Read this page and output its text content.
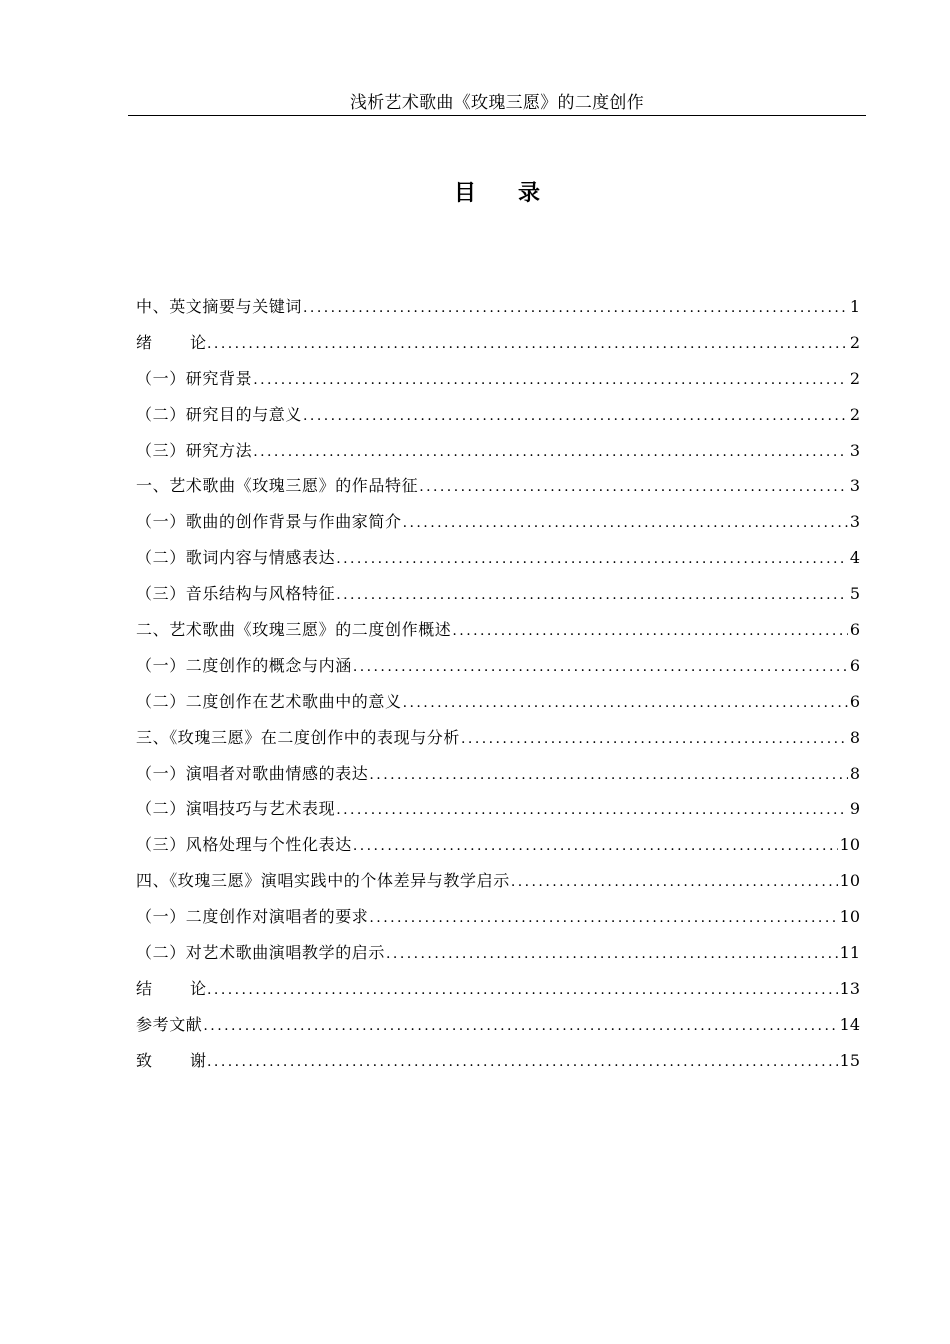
浅析艺术歌曲《玫瑰三愿》的二度创作
目 录
中、英文摘要与关键词 . . .	1
绪 论 . . .	2
（一）研究背景 . . .	2
（二）研究目的与意义 . . .	2
（三）研究方法 . . .	3
一、艺术歌曲《玫瑰三愿》的作品特征 . . .	3
（一）歌曲的创作背景与作曲家简介 . . .	3
（二）歌词内容与情感表达 . . .	4
（三）音乐结构与风格特征 . . .	5
二、艺术歌曲《玫瑰三愿》的二度创作概述 . . .	6
（一）二度创作的概念与内涵 . . .	6
（二）二度创作在艺术歌曲中的意义 . . .	6
三、《玫瑰三愿》在二度创作中的表现与分析 . . .	8
（一）演唱者对歌曲情感的表达 . . .	8
（二）演唱技巧与艺术表现 . . .	9
（三）风格处理与个性化表达 . . .	10
四、《玫瑰三愿》演唱实践中的个体差异与教学启示 . . .	10
（一）二度创作对演唱者的要求 . . .	10
（二）对艺术歌曲演唱教学的启示 . . .	11
结 论 . . .	13
参考文献 . . .	14
致 谢 . . .	15
